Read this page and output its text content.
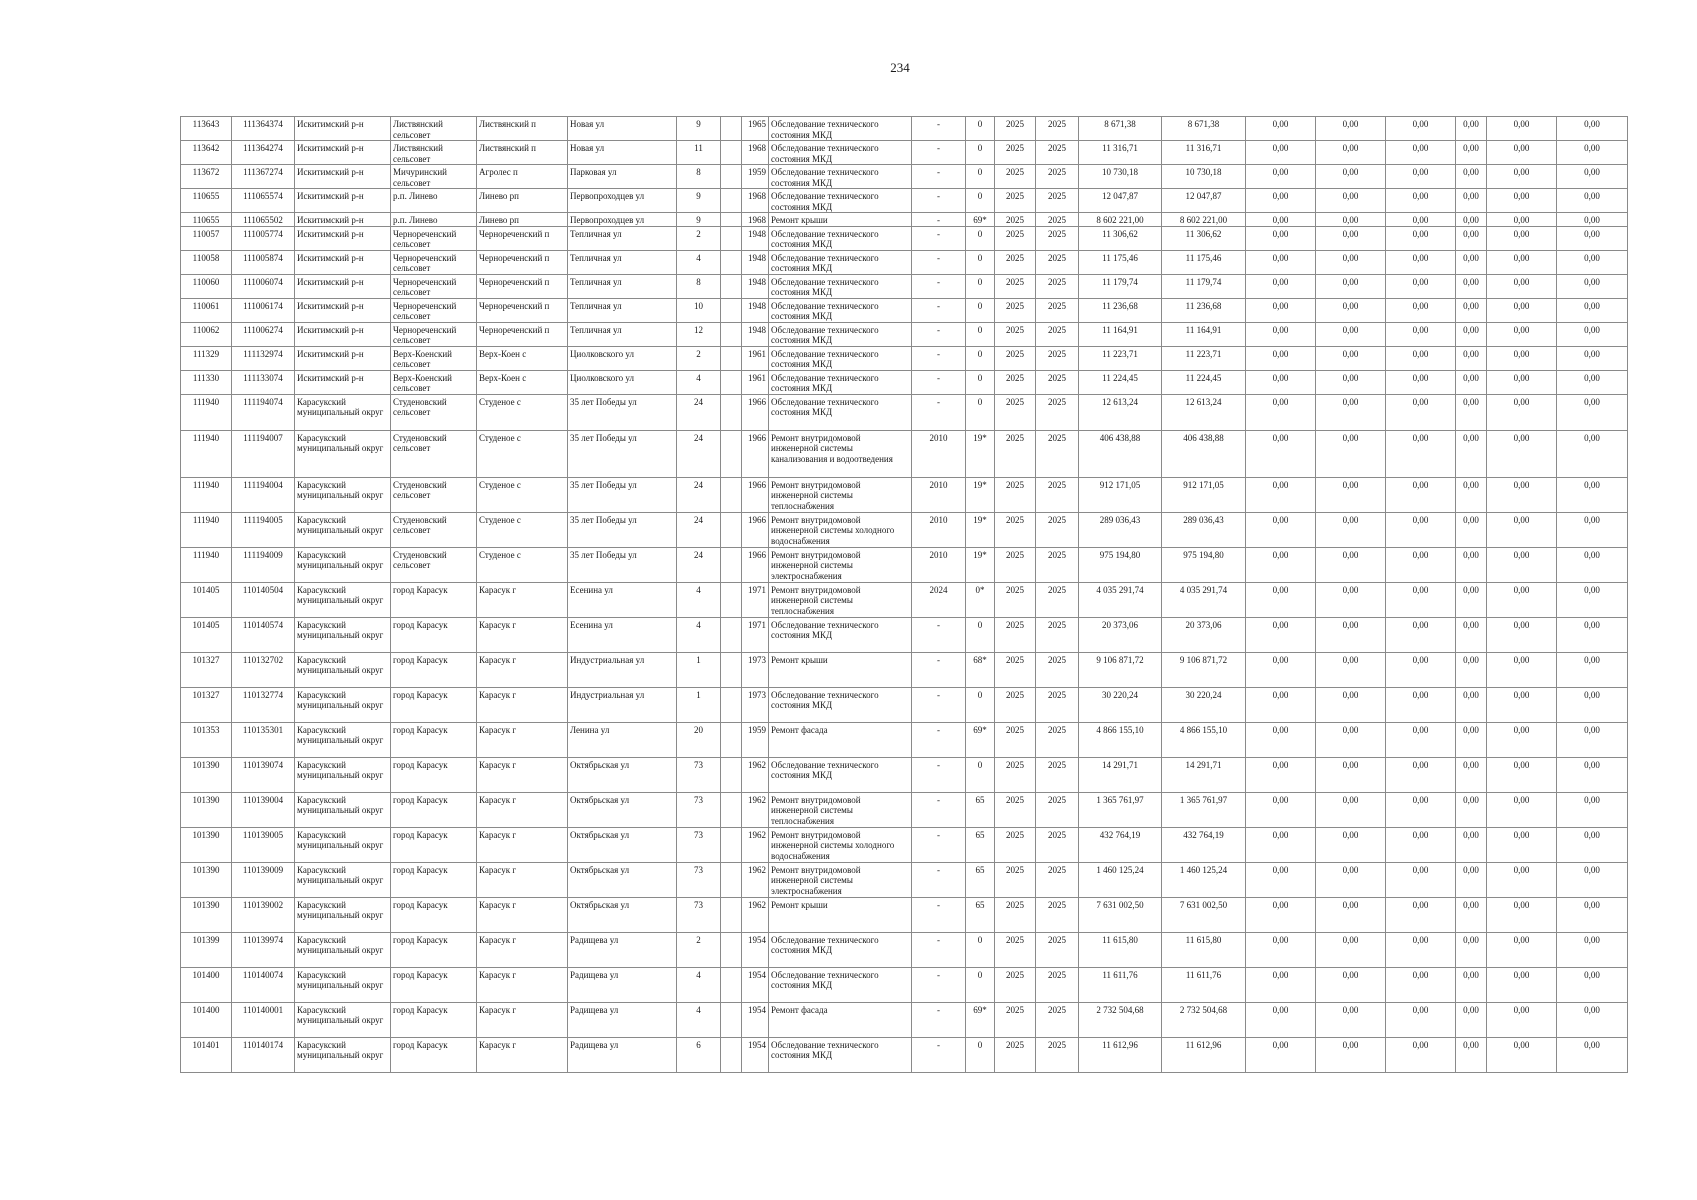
234
113643	111364374	Искитимский р-н	Листвянский сельсовет	Листвянский п	Новая ул	9		1965	Обследование технического состояния МКД	-	0	2025	2025	8 671,38	8 671,38	0,00	0,00	0,00	0,00	0,00	0,00
113642	111364274	Искитимский р-н	Листвянский сельсовет	Листвянский п	Новая ул	11		1968	Обследование технического состояния МКД	-	0	2025	2025	11 316,71	11 316,71	0,00	0,00	0,00	0,00	0,00	0,00
113672	111367274	Искитимский р-н	Мичуринский сельсовет	Агролес п	Парковая ул	8		1959	Обследование технического состояния МКД	-	0	2025	2025	10 730,18	10 730,18	0,00	0,00	0,00	0,00	0,00	0,00
110655	111065574	Искитимский р-н	р.п. Линево	Линево рп	Первопроходцев ул	9		1968	Обследование технического состояния МКД	-	0	2025	2025	12 047,87	12 047,87	0,00	0,00	0,00	0,00	0,00	0,00
110655	111065502	Искитимский р-н	р.п. Линево	Линево рп	Первопроходцев ул	9		1968	Ремонт крыши	-	69*	2025	2025	8 602 221,00	8 602 221,00	0,00	0,00	0,00	0,00	0,00	0,00
110057	111005774	Искитимский р-н	Чернореченский сельсовет	Чернореченский п	Тепличная ул	2		1948	Обследование технического состояния МКД	-	0	2025	2025	11 306,62	11 306,62	0,00	0,00	0,00	0,00	0,00	0,00
110058	111005874	Искитимский р-н	Чернореченский сельсовет	Чернореченский п	Тепличная ул	4		1948	Обследование технического состояния МКД	-	0	2025	2025	11 175,46	11 175,46	0,00	0,00	0,00	0,00	0,00	0,00
110060	111006074	Искитимский р-н	Чернореченский сельсовет	Чернореченский п	Тепличная ул	8		1948	Обследование технического состояния МКД	-	0	2025	2025	11 179,74	11 179,74	0,00	0,00	0,00	0,00	0,00	0,00
110061	111006174	Искитимский р-н	Чернореченский сельсовет	Чернореченский п	Тепличная ул	10		1948	Обследование технического состояния МКД	-	0	2025	2025	11 236,68	11 236,68	0,00	0,00	0,00	0,00	0,00	0,00
110062	111006274	Искитимский р-н	Чернореченский сельсовет	Чернореченский п	Тепличная ул	12		1948	Обследование технического состояния МКД	-	0	2025	2025	11 164,91	11 164,91	0,00	0,00	0,00	0,00	0,00	0,00
111329	111132974	Искитимский р-н	Верх-Коенский сельсовет	Верх-Коен с	Циолковского ул	2		1961	Обследование технического состояния МКД	-	0	2025	2025	11 223,71	11 223,71	0,00	0,00	0,00	0,00	0,00	0,00
111330	111133074	Искитимский р-н	Верх-Коенский сельсовет	Верх-Коен с	Циолковского ул	4		1961	Обследование технического состояния МКД	-	0	2025	2025	11 224,45	11 224,45	0,00	0,00	0,00	0,00	0,00	0,00
111940	111194074	Карасукский муниципальный округ	Студеновский сельсовет	Студеное с	35 лет Победы ул	24		1966	Обследование технического состояния МКД	-	0	2025	2025	12 613,24	12 613,24	0,00	0,00	0,00	0,00	0,00	0,00
111940	111194007	Карасукский муниципальный округ	Студеновский сельсовет	Студеное с	35 лет Победы ул	24		1966	Ремонт внутридомовой инженерной системы канализования и водоотведения	2010	19*	2025	2025	406 438,88	406 438,88	0,00	0,00	0,00	0,00	0,00	0,00
111940	111194004	Карасукский муниципальный округ	Студеновский сельсовет	Студеное с	35 лет Победы ул	24		1966	Ремонт внутридомовой инженерной системы теплоснабжения	2010	19*	2025	2025	912 171,05	912 171,05	0,00	0,00	0,00	0,00	0,00	0,00
111940	111194005	Карасукский муниципальный округ	Студеновский сельсовет	Студеное с	35 лет Победы ул	24		1966	Ремонт внутридомовой инженерной системы холодного водоснабжения	2010	19*	2025	2025	289 036,43	289 036,43	0,00	0,00	0,00	0,00	0,00	0,00
111940	111194009	Карасукский муниципальный округ	Студеновский сельсовет	Студеное с	35 лет Победы ул	24		1966	Ремонт внутридомовой инженерной системы электроснабжения	2010	19*	2025	2025	975 194,80	975 194,80	0,00	0,00	0,00	0,00	0,00	0,00
101405	110140504	Карасукский муниципальный округ	город Карасук	Карасук г	Есенина ул	4		1971	Ремонт внутридомовой инженерной системы теплоснабжения	2024	0*	2025	2025	4 035 291,74	4 035 291,74	0,00	0,00	0,00	0,00	0,00	0,00
101405	110140574	Карасукский муниципальный округ	город Карасук	Карасук г	Есенина ул	4		1971	Обследование технического состояния МКД	-	0	2025	2025	20 373,06	20 373,06	0,00	0,00	0,00	0,00	0,00	0,00
101327	110132702	Карасукский муниципальный округ	город Карасук	Карасук г	Индустриальная ул	1		1973	Ремонт крыши	-	68*	2025	2025	9 106 871,72	9 106 871,72	0,00	0,00	0,00	0,00	0,00	0,00
101327	110132774	Карасукский муниципальный округ	город Карасук	Карасук г	Индустриальная ул	1		1973	Обследование технического состояния МКД	-	0	2025	2025	30 220,24	30 220,24	0,00	0,00	0,00	0,00	0,00	0,00
101353	110135301	Карасукский муниципальный округ	город Карасук	Карасук г	Ленина ул	20		1959	Ремонт фасада	-	69*	2025	2025	4 866 155,10	4 866 155,10	0,00	0,00	0,00	0,00	0,00	0,00
101390	110139074	Карасукский муниципальный округ	город Карасук	Карасук г	Октябрьская ул	73		1962	Обследование технического состояния МКД	-	0	2025	2025	14 291,71	14 291,71	0,00	0,00	0,00	0,00	0,00	0,00
101390	110139004	Карасукский муниципальный округ	город Карасук	Карасук г	Октябрьская ул	73		1962	Ремонт внутридомовой инженерной системы теплоснабжения	-	65	2025	2025	1 365 761,97	1 365 761,97	0,00	0,00	0,00	0,00	0,00	0,00
101390	110139005	Карасукский муниципальный округ	город Карасук	Карасук г	Октябрьская ул	73		1962	Ремонт внутридомовой инженерной системы холодного водоснабжения	-	65	2025	2025	432 764,19	432 764,19	0,00	0,00	0,00	0,00	0,00	0,00
101390	110139009	Карасукский муниципальный округ	город Карасук	Карасук г	Октябрьская ул	73		1962	Ремонт внутридомовой инженерной системы электроснабжения	-	65	2025	2025	1 460 125,24	1 460 125,24	0,00	0,00	0,00	0,00	0,00	0,00
101390	110139002	Карасукский муниципальный округ	город Карасук	Карасук г	Октябрьская ул	73		1962	Ремонт крыши	-	65	2025	2025	7 631 002,50	7 631 002,50	0,00	0,00	0,00	0,00	0,00	0,00
101399	110139974	Карасукский муниципальный округ	город Карасук	Карасук г	Радищева ул	2		1954	Обследование технического состояния МКД	-	0	2025	2025	11 615,80	11 615,80	0,00	0,00	0,00	0,00	0,00	0,00
101400	110140074	Карасукский муниципальный округ	город Карасук	Карасук г	Радищева ул	4		1954	Обследование технического состояния МКД	-	0	2025	2025	11 611,76	11 611,76	0,00	0,00	0,00	0,00	0,00	0,00
101400	110140001	Карасукский муниципальный округ	город Карасук	Карасук г	Радищева ул	4		1954	Ремонт фасада	-	69*	2025	2025	2 732 504,68	2 732 504,68	0,00	0,00	0,00	0,00	0,00	0,00
101401	110140174	Карасукский муниципальный округ	город Карасук	Карасук г	Радищева ул	6		1954	Обследование технического состояния МКД	-	0	2025	2025	11 612,96	11 612,96	0,00	0,00	0,00	0,00	0,00	0,00
